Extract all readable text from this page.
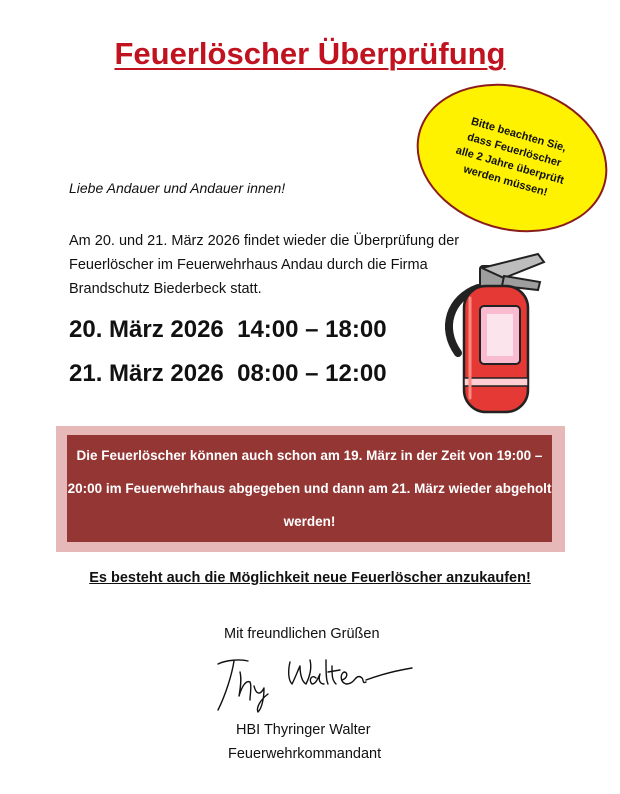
Feuerlöscher Überprüfung
Bitte beachten Sie, dass Feuerlöscher alle 2 Jahre überprüft werden müssen!
Liebe Andauer und Andauer innen!
Am 20. und 21. März 2026 findet wieder die Überprüfung der Feuerlöscher im Feuerwehrhaus Andau durch die Firma Brandschutz Biederbeck statt.
20. März 2026  14:00 – 18:00
21. März 2026  08:00 – 12:00
Die Feuerlöscher können auch schon am 19. März in der Zeit von 19:00 – 20:00 im Feuerwehrhaus abgegeben und dann am 21. März wieder abgeholt werden!
Es besteht auch die Möglichkeit neue Feuerlöscher anzukaufen!
Mit freundlichen Grüßen
HBI Thyringer Walter
Feuerwehrkommandant
